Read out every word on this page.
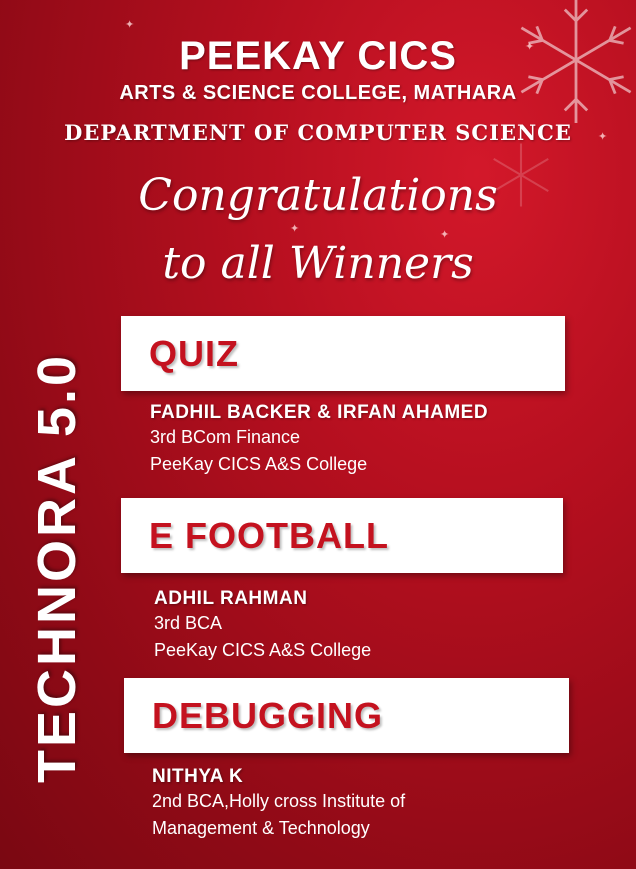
✦
✦	✦
✦
✦
PEEKAY CICS
ARTS & SCIENCE COLLEGE, MATHARA
DEPARTMENT OF COMPUTER SCIENCE
Congratulations
to all Winners
TECHNORA 5.0 QUIZ
FADHIL BACKER & IRFAN AHAMED
3rd BCom Finance
PeeKay CICS A&S College
E FOOTBALL
ADHIL RAHMAN
3rd BCA
PeeKay CICS A&S College
DEBUGGING
NITHYA K
2nd BCA,Holly cross Institute of
Management & Technology
